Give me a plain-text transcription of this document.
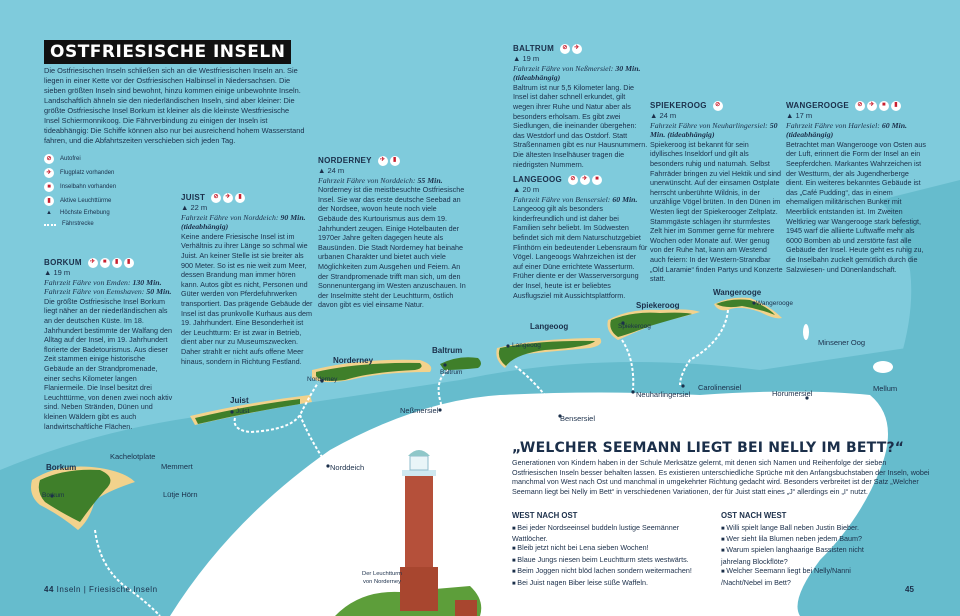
OSTFRIESISCHE INSELN
Die Ostfriesischen Inseln schließen sich an die Westfriesischen Inseln an. Sie liegen in einer Kette vor der Ostfriesischen Halbinsel in Niedersachsen. Die sieben größten Inseln sind bewohnt, hinzu kommen einige unbewohnte Inseln. Landschaftlich ähneln sie den niederländischen Inseln, sind aber kleiner: Die größte Ostfriesische Insel Borkum ist kleiner als die kleinste Westfriesische Insel Schiermonnikoog. Die Fährverbindung zu einigen der Inseln ist tideabhängig: Die Schiffe können also nur bei ausreichend hohem Wasserstand fahren, und die Abfahrtszeiten verschieben sich jeden Tag.
⊘	Autofrei
✈	Flugplatz vorhanden
■	Inselbahn vorhanden
▮	Aktive Leuchttürme
▲	Höchste Erhebung
Fährstrecke
BORKUM	✈	■	▮	▮
▲ 19 m
Fahrzeit Fähre von Emden: 130 Min.
Fahrzeit Fähre von Eemshaven: 50 Min.
Die größte Ostfriesische Insel Borkum liegt näher an der niederländischen als an der deutschen Küste. Im 18. Jahrhundert bestimmte der Walfang den Alltag auf der Insel, im 19. Jahrhundert florierte der Badetourismus. Aus dieser Zeit stammen einige historische Gebäude an der Strandpromenade, einer sechs Kilometer langen Flaniermeile. Die Insel besitzt drei Leuchttürme, von denen zwei noch aktiv sind. Neben Stränden, Dünen und kleinen Wäldern gibt es auch landwirtschaftliche Flächen.
JUIST	⊘	✈	▮
▲ 22 m
Fahrzeit Fähre von Norddeich: 90 Min. (tideabhängig)
Keine andere Friesische Insel ist im Verhältnis zu ihrer Länge so schmal wie Juist. An keiner Stelle ist sie breiter als 900 Meter. So ist es nie weit zum Meer, dessen Brandung man immer hören kann. Autos gibt es nicht, Personen und Güter werden von Pferdefuhrwerken transportiert. Das prägende Gebäude der Insel ist das prunkvolle Kurhaus aus dem 19. Jahrhundert. Eine Besonderheit ist der Leuchtturm: Er ist zwar in Betrieb, dient aber nur zu Museumszwecken. Daher strahlt er nicht aufs offene Meer hinaus, sondern in Richtung Festland.
NORDERNEY	✈	▮
▲ 24 m
Fahrzeit Fähre von Norddeich: 55 Min.
Norderney ist die meistbesuchte Ostfriesische Insel. Sie war das erste deutsche Seebad an der Nordsee, wovon heute noch viele Gebäude des Kurtourismus aus dem 19. Jahrhundert zeugen. Einige Hotelbauten der 1970er Jahre gelten dagegen heute als Bausünden. Die Stadt Norderney hat beinahe urbanen Charakter und bietet auch viele Möglichkeiten zum Ausgehen und Feiern. An der Strandpromenade trifft man sich, um den Sonnenuntergang im Westen anzuschauen. In der Inselmitte steht der Leuchtturm, östlich davon gibt es viel einsame Natur.
BALTRUM	⊘	✈
▲ 19 m
Fahrzeit Fähre von Neßmersiel: 30 Min. (tideabhängig)
Baltrum ist nur 5,5 Kilometer lang. Die Insel ist daher schnell erkundet, gilt wegen ihrer Ruhe und Natur aber als besonders erholsam. Es gibt zwei Siedlungen, die ineinander übergehen: das Westdorf und das Ostdorf. Statt Straßennamen gibt es nur Hausnummern. Die ältesten Inselhäuser tragen die niedrigsten Nummern.
LANGEOOG	⊘	✈	■
▲ 20 m
Fahrzeit Fähre von Bensersiel: 60 Min.
Langeoog gilt als besonders kinderfreundlich und ist daher bei Familien sehr beliebt. Im Südwesten befindet sich mit dem Naturschutzgebiet Flinthörn ein bedeutender Lebensraum für Vögel. Langeoogs Wahrzeichen ist der auf einer Düne errichtete Wasserturm. Früher diente er der Wasserversorgung der Insel, heute ist er beliebtes Ausflugsziel mit Aussichtsplattform.
SPIEKEROOG	⊘
▲ 24 m
Fahrzeit Fähre von Neuharlingersiel: 50 Min. (tideabhängig)
Spiekeroog ist bekannt für sein idyllisches Inseldorf und gilt als besonders ruhig und naturnah. Selbst Fahrräder bringen zu viel Hektik und sind unerwünscht. Auf der einsamen Ostplate herrscht unberührte Wildnis, in der unzählige Vögel brüten. In den Dünen im Westen liegt der Spiekerooger Zeltplatz. Stammgäste schlagen ihr sturmfestes Zelt hier im Sommer gerne für mehrere Wochen oder Monate auf. Wer genug von der Ruhe hat, kann am Westend auch feiern: In der Western-Strandbar „Old Laramie“ finden Partys und Konzerte statt.
WANGEROOGE	⊘	✈	■	▮
▲ 17 m
Fahrzeit Fähre von Harlesiel: 60 Min. (tideabhängig)
Betrachtet man Wangerooge von Osten aus der Luft, erinnert die Form der Insel an ein Seepferdchen. Markantes Wahrzeichen ist der Westturm, der als Jugendherberge dient. Ein weiteres bekanntes Gebäude ist das „Café Pudding“, das in einem ehemaligen militärischen Bunker mit Meerblick entstanden ist. Im Zweiten Weltkrieg war Wangerooge stark befestigt, 1945 warf die alliierte Luftwaffe mehr als 6000 Bomben ab und zerstörte fast alle Gebäude der Insel. Heute geht es ruhig zu, die Inselbahn zuckelt gemütlich durch die Salzwiesen- und Dünenlandschaft.
Borkum
Juist
Norderney
Baltrum
Langeoog
Spiekeroog
Wangerooge
Borkum
Juist
Norderney
Baltrum
Langeoog
Spiekeroog
Wangerooge
Norddeich
Neßmersiel
Bensersiel
Neuharlingersiel
Carolinensiel
Horumersiel
Kachelotplate
Memmert
Lütje Hörn
Minsener Oog
Mellum
Der Leuchtturm von Norderney
„WELCHER SEEMANN LIEGT BEI NELLY IM BETT?“
Generationen von Kindern haben in der Schule Merksätze gelernt, mit denen sich Namen und Reihenfolge der sieben Ostfriesischen Inseln besser behalten lassen. Es existieren unterschiedliche Sprüche mit den Anfangsbuchstaben der Inseln, wobei manchmal von West nach Ost und manchmal in umgekehrter Richtung gedacht wird. Besonders verbreitet ist der Satz „Welcher Seemann liegt bei Nelly im Bett“ in verschiedenen Variationen, der für Juist statt eines „J“ allerdings ein „I“ nutzt.
WEST NACH OST
■ Bei jeder Nordseeinsel buddeln lustige Seemänner Wattlöcher.
■ Bleib jetzt nicht bei Lena sieben Wochen!
■ Blaue Jungs niesen beim Leuchtturm stets westwärts.
■ Beim Joggen nicht blöd lachen sondern weitermachen!
■ Bei Juist nagen Biber leise süße Waffeln.
OST NACH WEST
■ Willi spielt lange Ball neben Justin Bieber.
■ Wer sieht lila Blumen neben jedem Baum?
■ Warum spielen langhaarige Bassisten nicht jahrelang Blockflöte?
■ Welcher Seemann liegt bei Nelly/Nanni /Nacht/Nebel im Bett?
44 Inseln | Friesische Inseln	45
